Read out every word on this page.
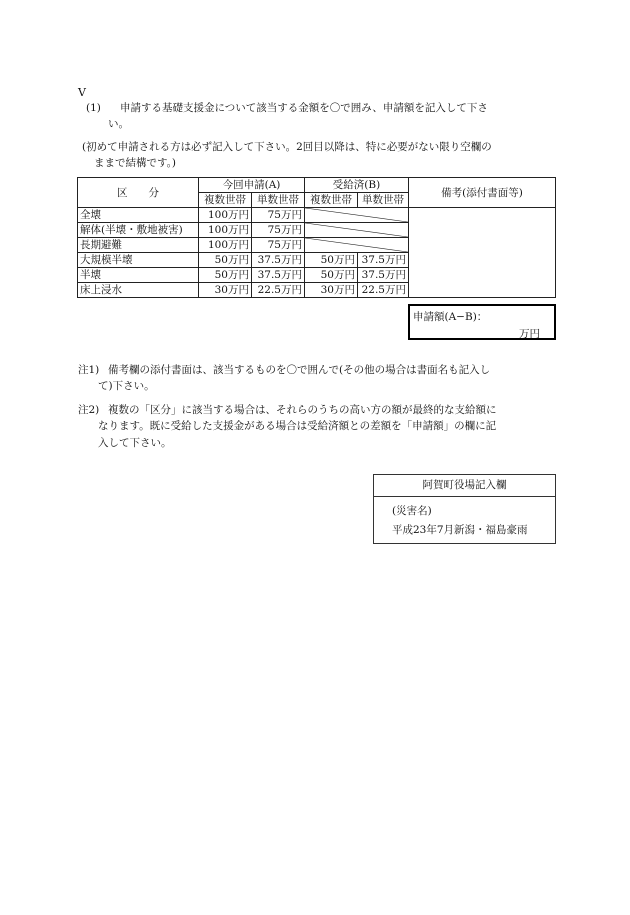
V
(1) 申請する基礎支援金について該当する金額を〇で囲み、申請額を記入して下さ
い。
(初めて申請される方は必ず記入して下さい。2回目以降は、特に必要がない限り空欄の
ままで結構です。)
区　　分	今回申請(A)		受給済(B)		備考(添付書面等)
	複数世帯	単数世帯	複数世帯	単数世帯	
全壊	100万円	75万円	

解体(半壊・敷地被害)	100万円	75万円	

長期避難	100万円	75万円	

大規模半壊	50万円	37.5万円	50万円	37.5万円	
半壊	50万円	37.5万円	50万円	37.5万円	
床上浸水	30万円	22.5万円	30万円	22.5万円	
申請額(A−B)：
万円
注1) 備考欄の添付書面は、該当するものを〇で囲んで(その他の場合は書面名も記入し
て)下さい。
注2) 複数の「区分」に該当する場合は、それらのうちの高い方の額が最終的な支給額に
なります。既に受給した支援金がある場合は受給済額との差額を「申請額」の欄に記
入して下さい。
阿賀町役場記入欄
(災害名)
平成23年7月新潟・福島豪雨
